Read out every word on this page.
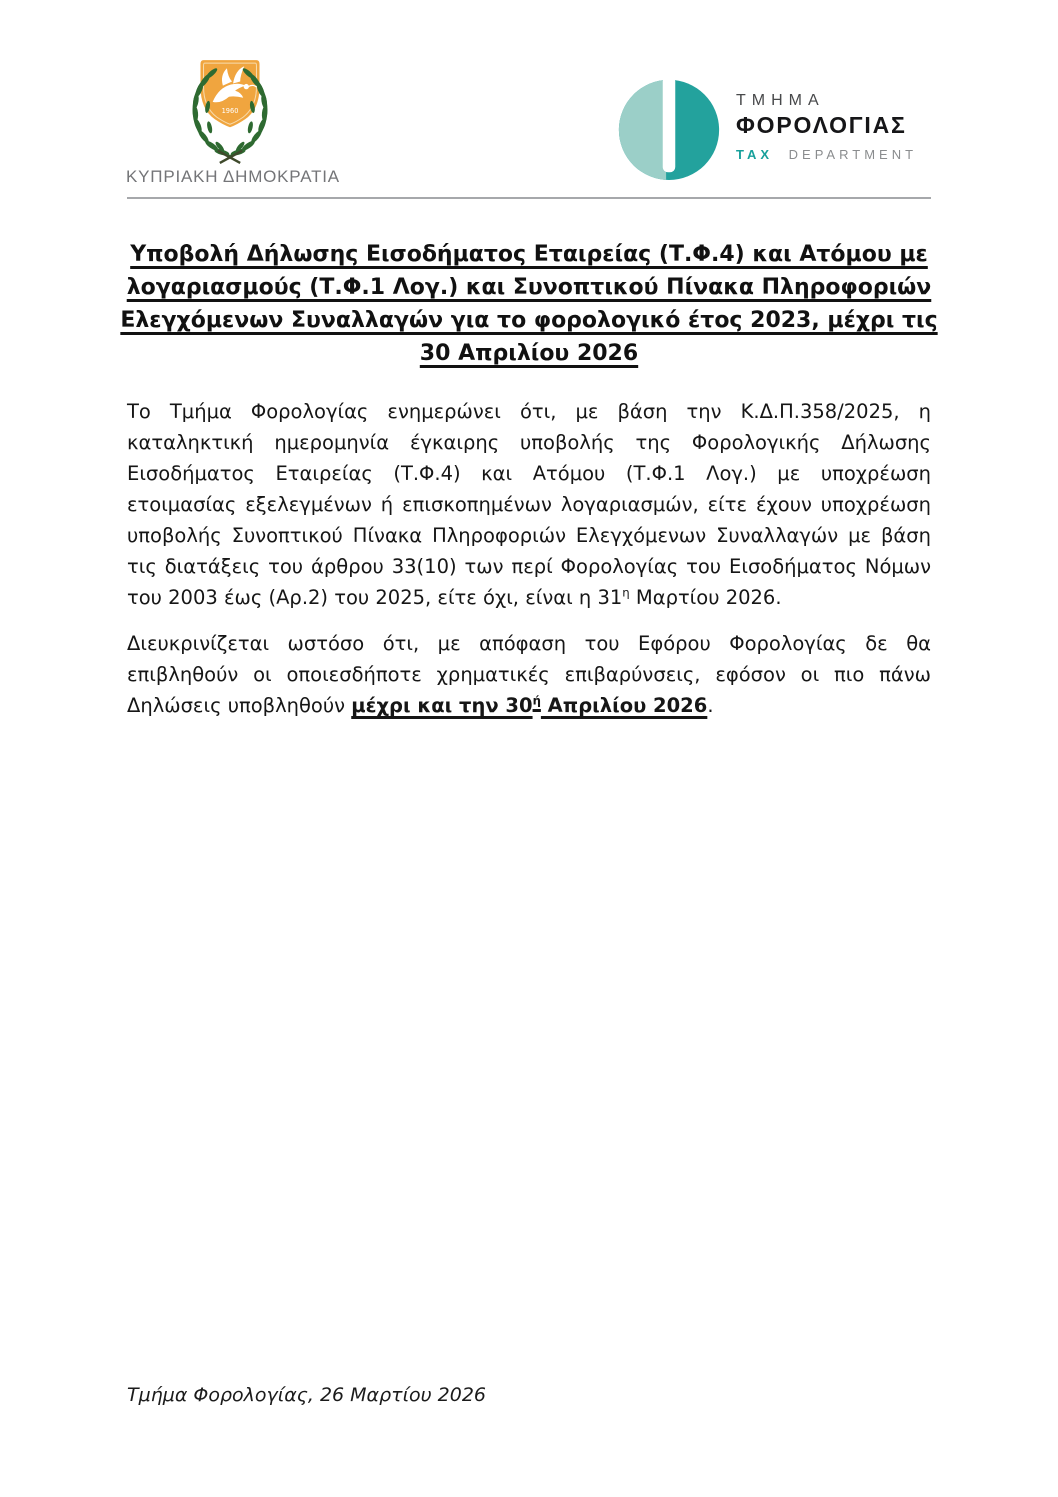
1960
ΚΥΠΡΙΑΚΗ ΔΗΜΟΚΡΑΤΙΑ
ΤΜΗΜΑ
ΦΟΡΟΛΟΓΙΑΣ
TAX DEPARTMENT
Υποβολή Δήλωσης Εισοδήματος Εταιρείας (Τ.Φ.4) και Ατόμου με
λογαριασμούς (Τ.Φ.1 Λογ.) και Συνοπτικού Πίνακα Πληροφοριών
Ελεγχόμενων Συναλλαγών για το φορολογικό έτος 2023, μέχρι τις
30 Απριλίου 2026

Το Τμήμα Φορολογίας ενημερώνει ότι, με βάση την Κ.Δ.Π.358/2025, η καταληκτική ημερομηνία έγκαιρης υποβολής της Φορολογικής Δήλωσης Εισοδήματος Εταιρείας (Τ.Φ.4) και Ατόμου (Τ.Φ.1 Λογ.) με υποχρέωση ετοιμασίας εξελεγμένων ή επισκοπημένων λογαριασμών, είτε έχουν υποχρέωση υποβολής Συνοπτικού Πίνακα Πληροφοριών Ελεγχόμενων Συναλλαγών με βάση τις διατάξεις του άρθρου 33(10) των περί Φορολογίας του Εισοδήματος Νόμων του 2003 έως (Αρ.2) του 2025, είτε όχι, είναι η $31^\eta$ Μαρτίου 2026.

Διευκρινίζεται ωστόσο ότι, με απόφαση του Εφόρου Φορολογίας δε θα επιβληθούν οι οποιεσδήποτε χρηματικές επιβαρύνσεις, εφόσον οι πιο πάνω Δηλώσεις υποβληθούν μέχρι και την $30^ή$ Απριλίου 2026.

Τμήμα Φορολογίας, 26 Μαρτίου 2026
